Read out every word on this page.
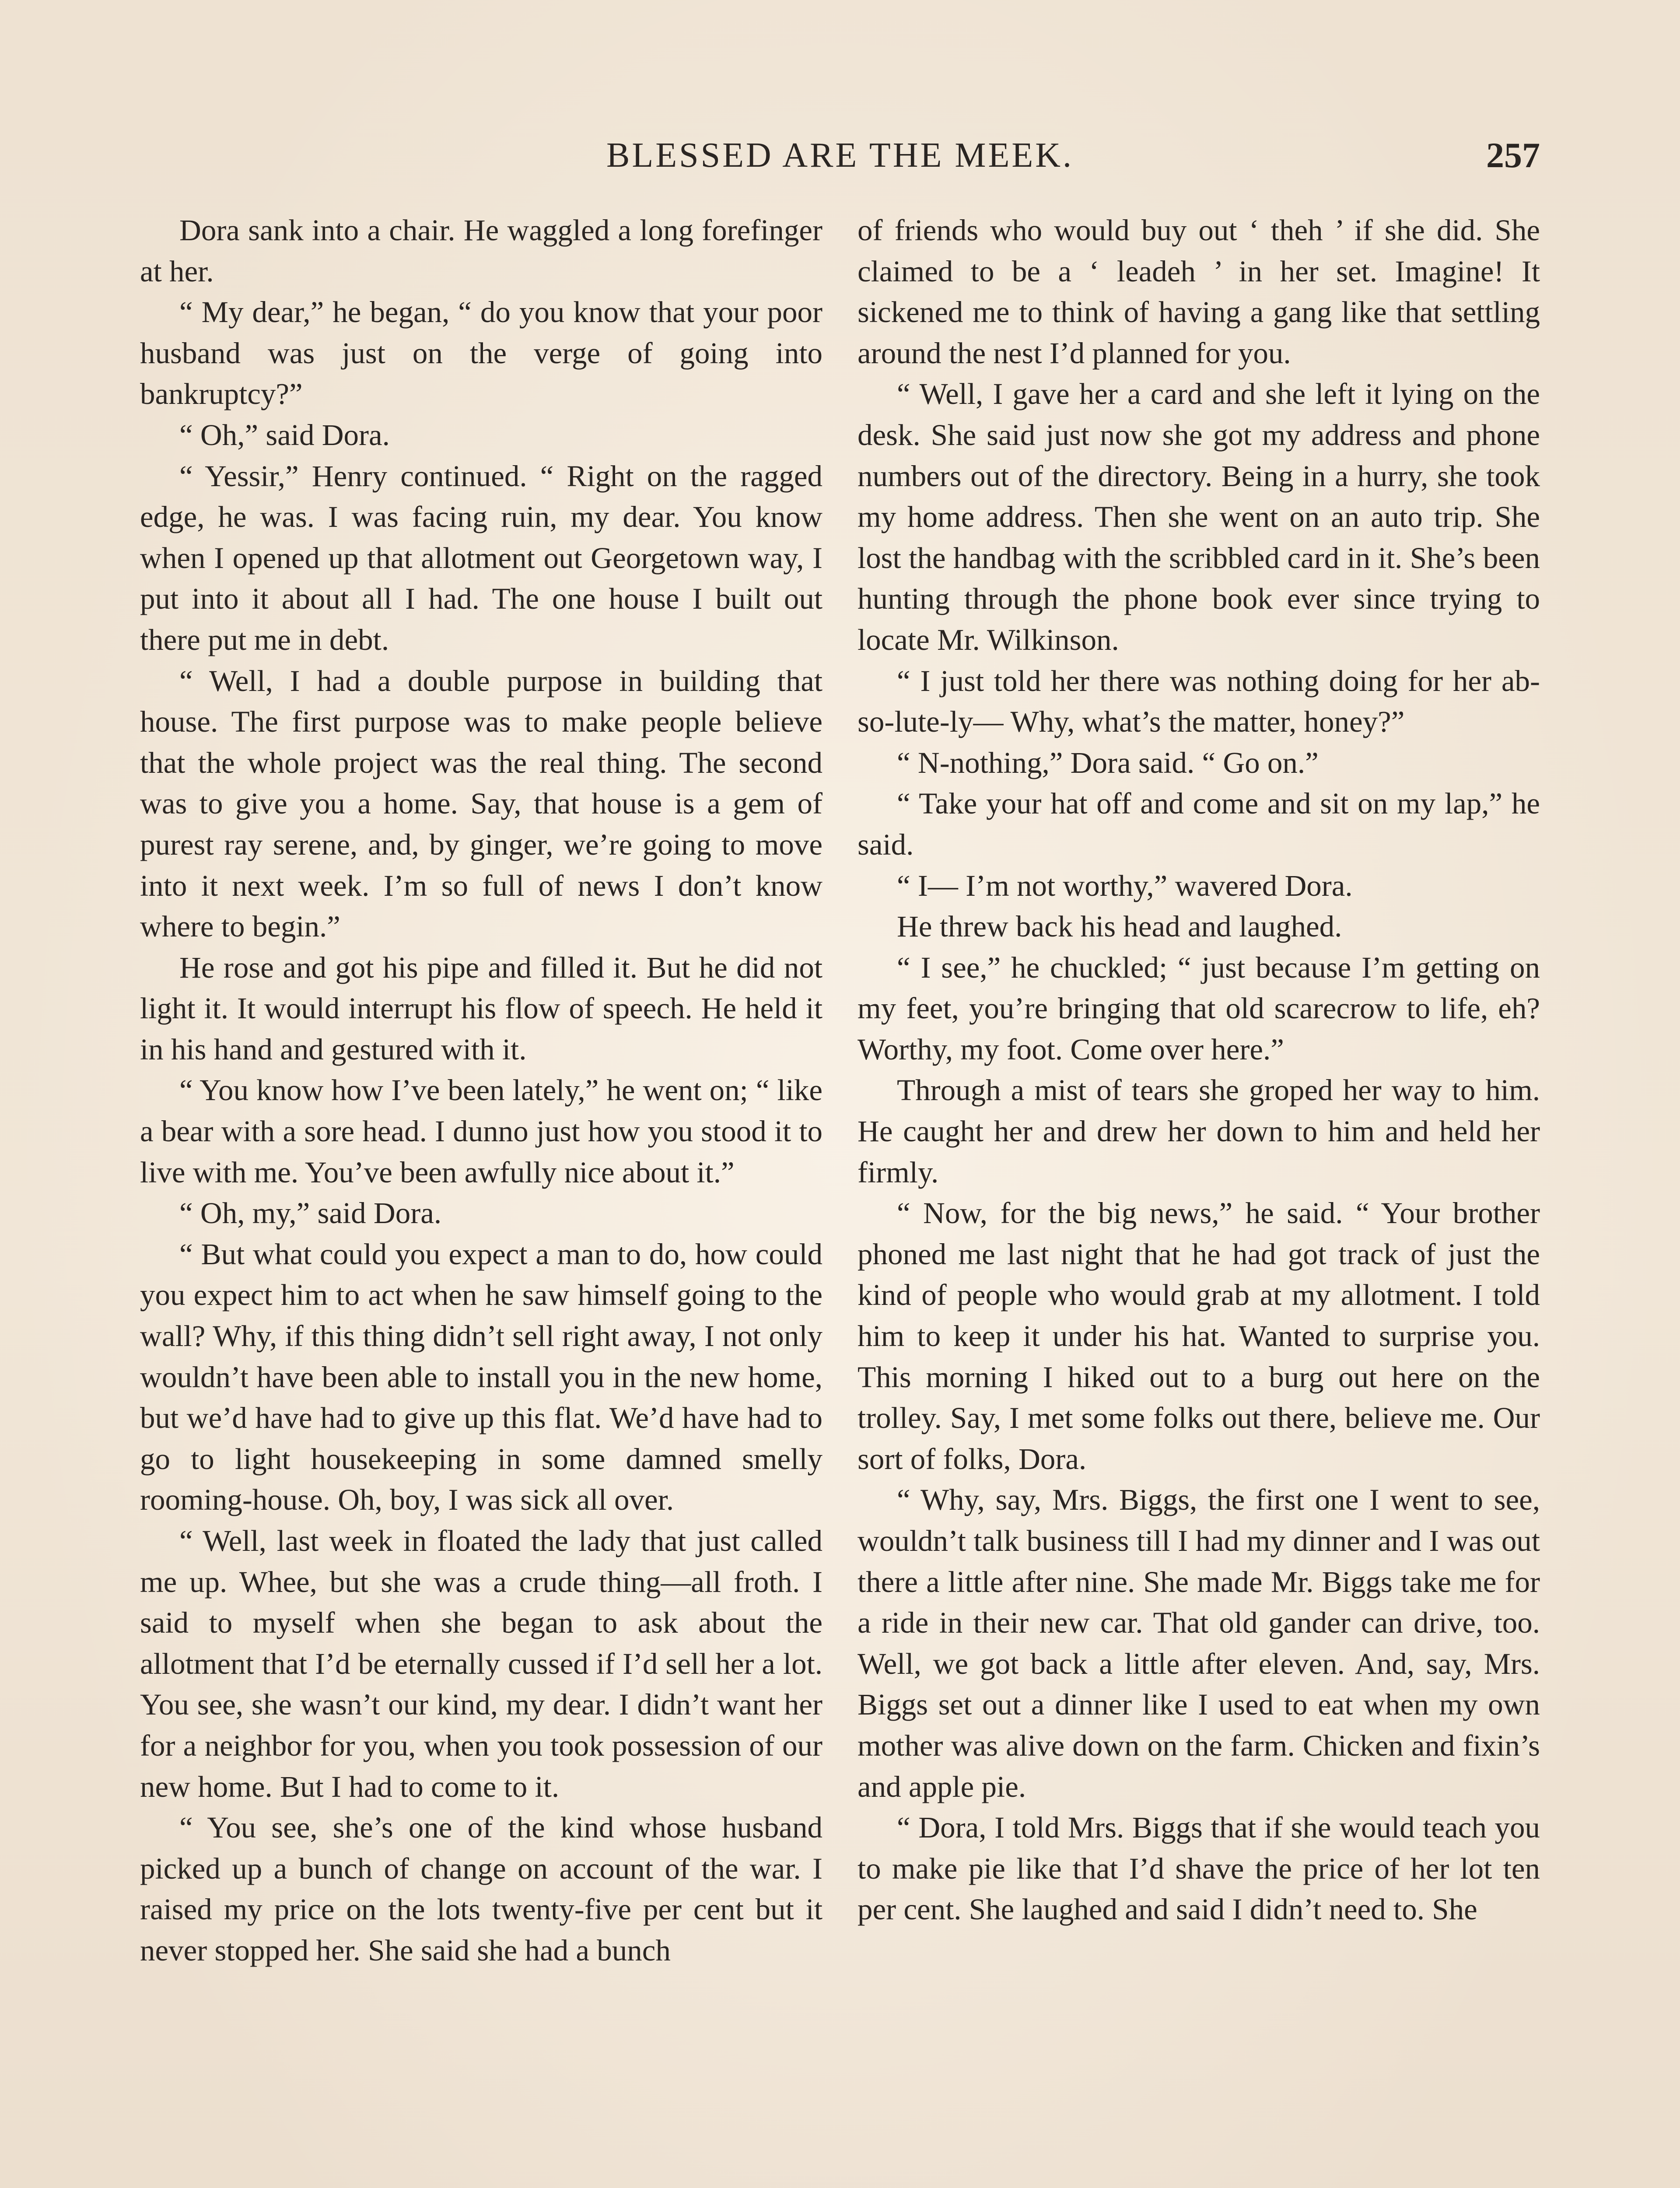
BLESSED ARE THE MEEK.	257

Dora sank into a chair. He waggled a long forefinger at her.

“ My dear,” he began, “ do you know that your poor husband was just on the verge of going into bankruptcy?”

“ Oh,” said Dora.

“ Yessir,” Henry continued. “ Right on the ragged edge, he was. I was facing ruin, my dear. You know when I opened up that allotment out Georgetown way, I put into it about all I had. The one house I built out there put me in debt.

“ Well, I had a double purpose in building that house. The first purpose was to make people believe that the whole project was the real thing. The second was to give you a home. Say, that house is a gem of purest ray serene, and, by ginger, we’re going to move into it next week. I’m so full of news I don’t know where to begin.”

He rose and got his pipe and filled it. But he did not light it. It would interrupt his flow of speech. He held it in his hand and gestured with it.

“ You know how I’ve been lately,” he went on; “ like a bear with a sore head. I dunno just how you stood it to live with me. You’ve been awfully nice about it.”

“ Oh, my,” said Dora.

“ But what could you expect a man to do, how could you expect him to act when he saw himself going to the wall? Why, if this thing didn’t sell right away, I not only wouldn’t have been able to install you in the new home, but we’d have had to give up this flat. We’d have had to go to light housekeeping in some damned smelly rooming-house. Oh, boy, I was sick all over.

“ Well, last week in floated the lady that just called me up. Whee, but she was a crude thing—all froth. I said to myself when she began to ask about the allotment that I’d be eternally cussed if I’d sell her a lot. You see, she wasn’t our kind, my dear. I didn’t want her for a neighbor for you, when you took possession of our new home. But I had to come to it.

“ You see, she’s one of the kind whose husband picked up a bunch of change on account of the war. I raised my price on the lots twenty-five per cent but it never stopped her. She said she had a bunch

of friends who would buy out ‘ theh ’ if she did. She claimed to be a ‘ leadeh ’ in her set. Imagine! It sickened me to think of having a gang like that settling around the nest I’d planned for you.

“ Well, I gave her a card and she left it lying on the desk. She said just now she got my address and phone numbers out of the directory. Being in a hurry, she took my home address. Then she went on an auto trip. She lost the handbag with the scribbled card in it. She’s been hunting through the phone book ever since trying to locate Mr. Wilkinson.

“ I just told her there was nothing doing for her ab-so-lute-ly— Why, what’s the matter, honey?”

“ N-nothing,” Dora said. “ Go on.”

“ Take your hat off and come and sit on my lap,” he said.

“ I— I’m not worthy,” wavered Dora.

He threw back his head and laughed.

“ I see,” he chuckled; “ just because I’m getting on my feet, you’re bringing that old scarecrow to life, eh? Worthy, my foot. Come over here.”

Through a mist of tears she groped her way to him. He caught her and drew her down to him and held her firmly.

“ Now, for the big news,” he said. “ Your brother phoned me last night that he had got track of just the kind of people who would grab at my allotment. I told him to keep it under his hat. Wanted to surprise you. This morning I hiked out to a burg out here on the trolley. Say, I met some folks out there, believe me. Our sort of folks, Dora.

“ Why, say, Mrs. Biggs, the first one I went to see, wouldn’t talk business till I had my dinner and I was out there a little after nine. She made Mr. Biggs take me for a ride in their new car. That old gander can drive, too. Well, we got back a little after eleven. And, say, Mrs. Biggs set out a dinner like I used to eat when my own mother was alive down on the farm. Chicken and fixin’s and apple pie.

“ Dora, I told Mrs. Biggs that if she would teach you to make pie like that I’d shave the price of her lot ten per cent. She laughed and said I didn’t need to. She
